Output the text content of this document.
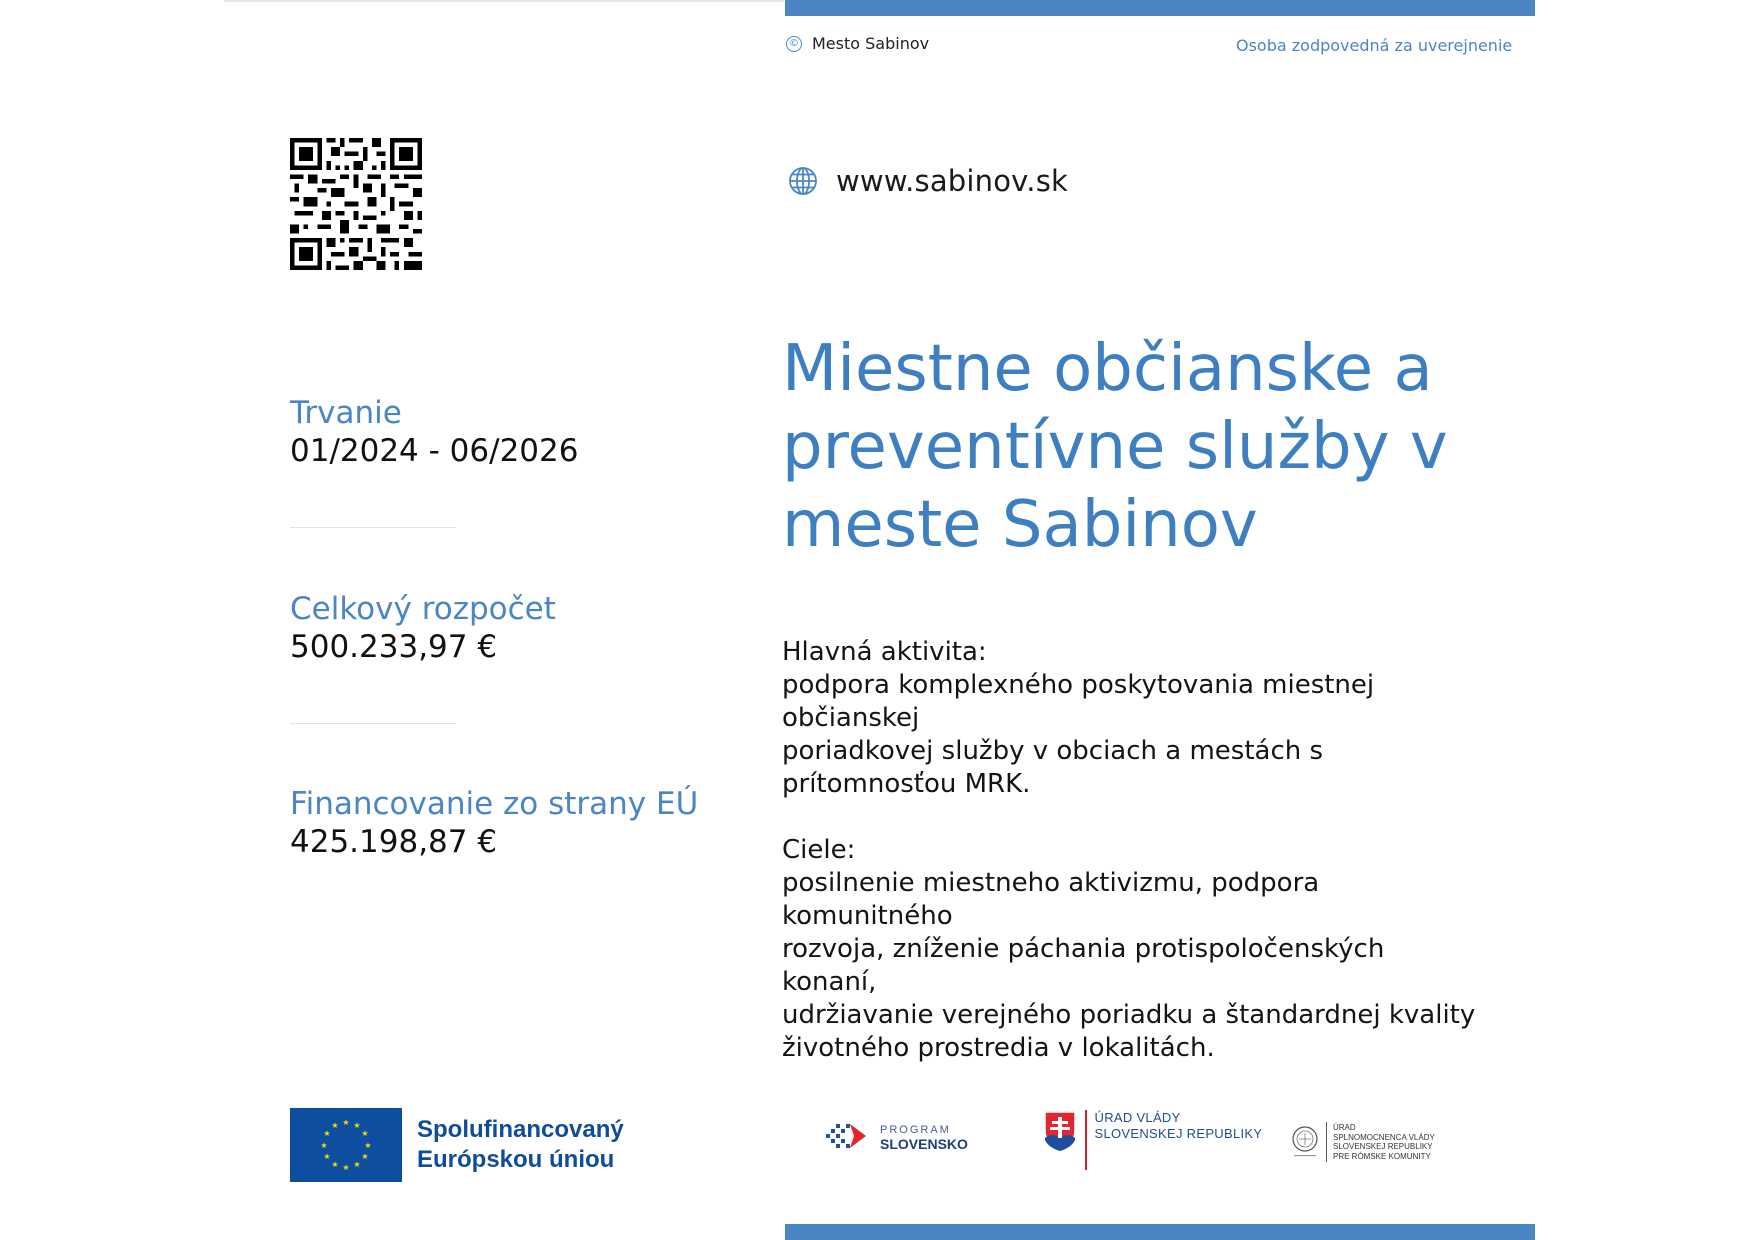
© Mesto Sabinov	Osoba zodpovedná za uverejnenie
www.sabinov.sk
Miestne občianske a preventívne služby v meste Sabinov
Trvanie
01/2024 - 06/2026
Celkový rozpočet
500.233,97 €
Financovanie zo strany EÚ
425.198,87 €

Hlavná aktivita:

podpora komplexného poskytovania miestnej

občianskej

poriadkovej služby v obciach a mestách s

prítomnosťou MRK.

Ciele:

posilnenie miestneho aktivizmu, podpora

komunitného

rozvoja, zníženie páchania protispoločenských

konaní,

udržiavanie verejného poriadku a štandardnej kvality

životného prostredia v lokalitách.

★ ★
★
★
★
★
★
★
★
★
★
★	Spolufinancovaný
Európskou úniou
PROGRAM
SLOVENSKO
ÚRAD VLÁDY
SLOVENSKEJ REPUBLIKY	ÚRAD
SPLNOMOCNENCA VLÁDY
SLOVENSKEJ REPUBLIKY
PRE RÓMSKE KOMUNITY
